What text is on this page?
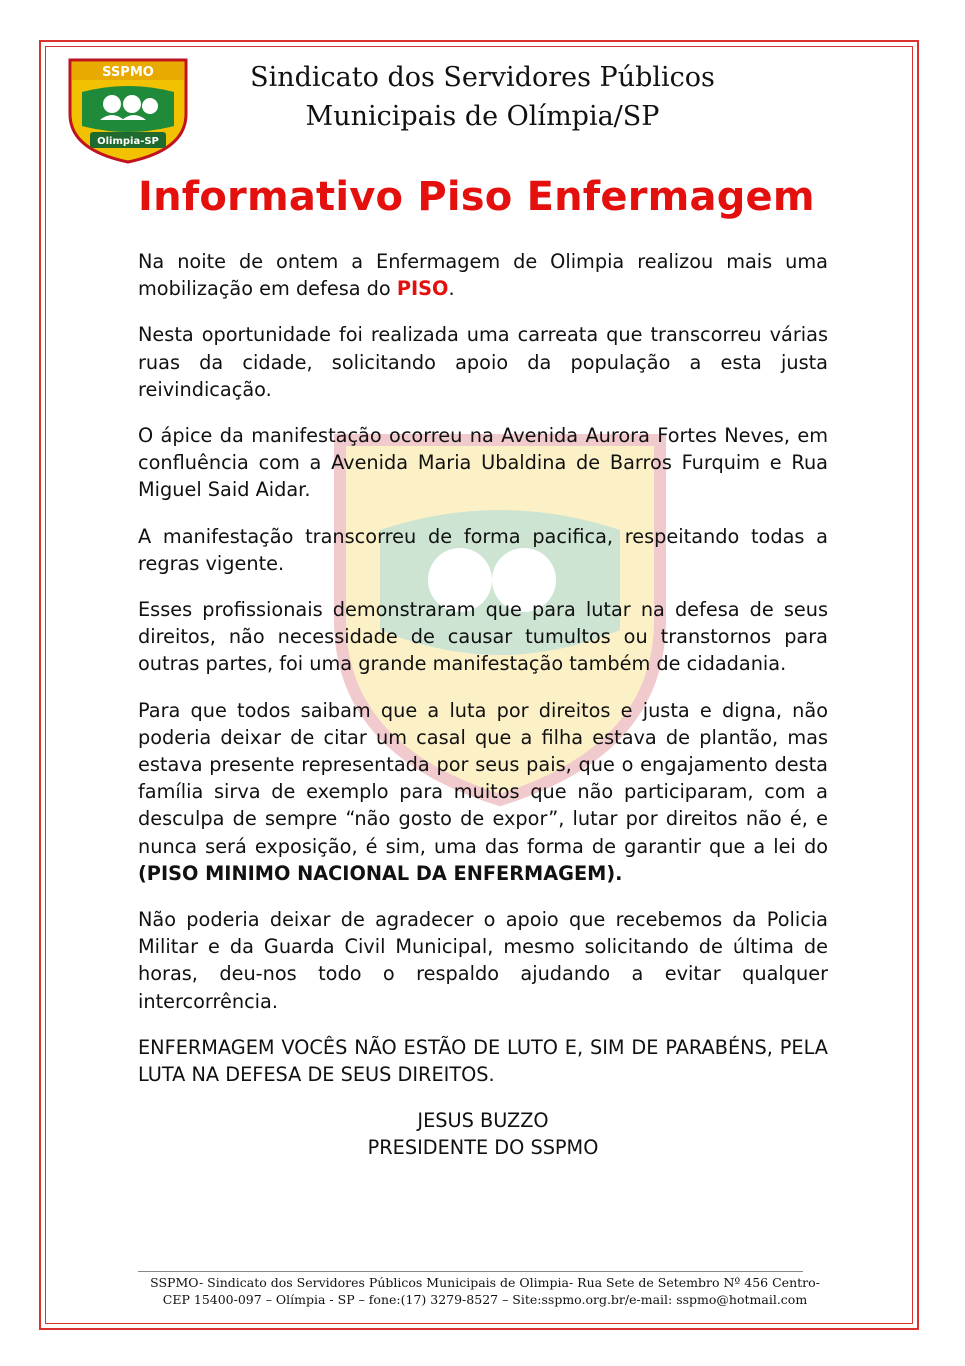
SSPMO
Olimpia-SP
Sindicato dos Servidores Públicos
Municipais de Olímpia/SP
Informativo Piso Enfermagem

Na noite de ontem a Enfermagem de Olimpia realizou mais uma mobilização em defesa do PISO.

Nesta oportunidade foi realizada uma carreata que transcorreu várias ruas da cidade, solicitando apoio da população a esta justa reivindicação.

O ápice da manifestação ocorreu na Avenida Aurora Fortes Neves, em confluência com a Avenida Maria Ubaldina de Barros Furquim e Rua Miguel Said Aidar.

A manifestação transcorreu de forma pacifica, respeitando todas a regras vigente.

Esses profissionais demonstraram que para lutar na defesa de seus direitos, não necessidade de causar tumultos ou transtornos para outras partes, foi uma grande manifestação também de cidadania.

Para que todos saibam que a luta por direitos e justa e digna, não poderia deixar de citar um casal que a filha estava de plantão, mas estava presente representada por seus pais, que o engajamento desta família sirva de exemplo para muitos que não participaram, com a desculpa de sempre “não gosto de expor”, lutar por direitos não é, e nunca será exposição, é sim, uma das forma de garantir que a lei do (PISO MINIMO NACIONAL DA ENFERMAGEM).

Não poderia deixar de agradecer o apoio que recebemos da Policia Militar e da Guarda Civil Municipal, mesmo solicitando de última de horas, deu-nos todo o respaldo ajudando a evitar qualquer intercorrência.

ENFERMAGEM VOCÊS NÃO ESTÃO DE LUTO E, SIM DE PARABÉNS, PELA LUTA NA DEFESA DE SEUS DIREITOS.

JESUS BUZZO
PRESIDENTE DO SSPMO
SSPMO- Sindicato dos Servidores Públicos Municipais de Olimpia- Rua Sete de Setembro Nº 456 Centro-
CEP 15400-097 – Olímpia - SP – fone:(17) 3279-8527 – Site:sspmo.org.br/e-mail: sspmo@hotmail.com
